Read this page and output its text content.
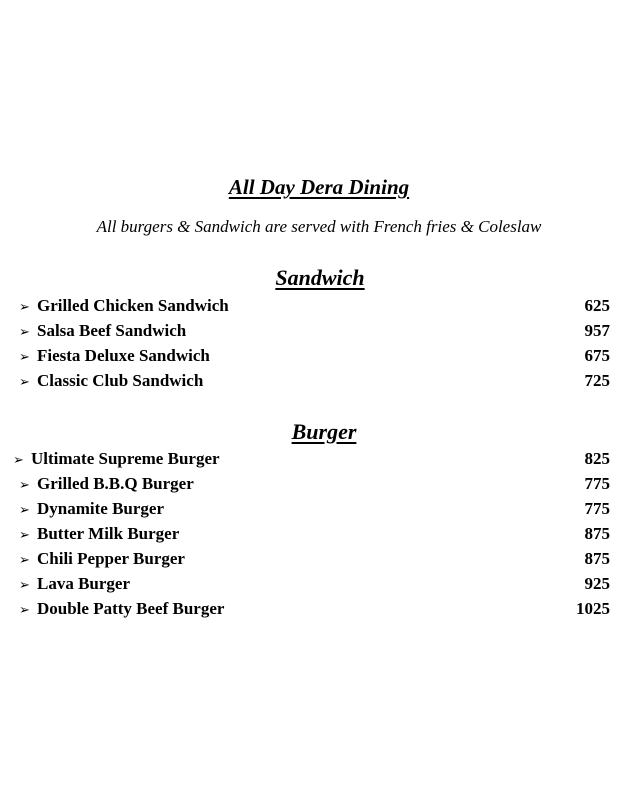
All Day Dera Dining
All burgers & Sandwich are served with French fries & Coleslaw
Sandwich
➢ Grilled Chicken Sandwich	625
➢ Salsa Beef Sandwich	957
➢ Fiesta Deluxe Sandwich	675
➢ Classic Club Sandwich	725
Burger
➢ Ultimate Supreme Burger	825
➢ Grilled B.B.Q Burger	775
➢ Dynamite Burger	775
➢ Butter Milk Burger	875
➢ Chili Pepper Burger	875
➢ Lava Burger	925
➢ Double Patty Beef Burger	1025
